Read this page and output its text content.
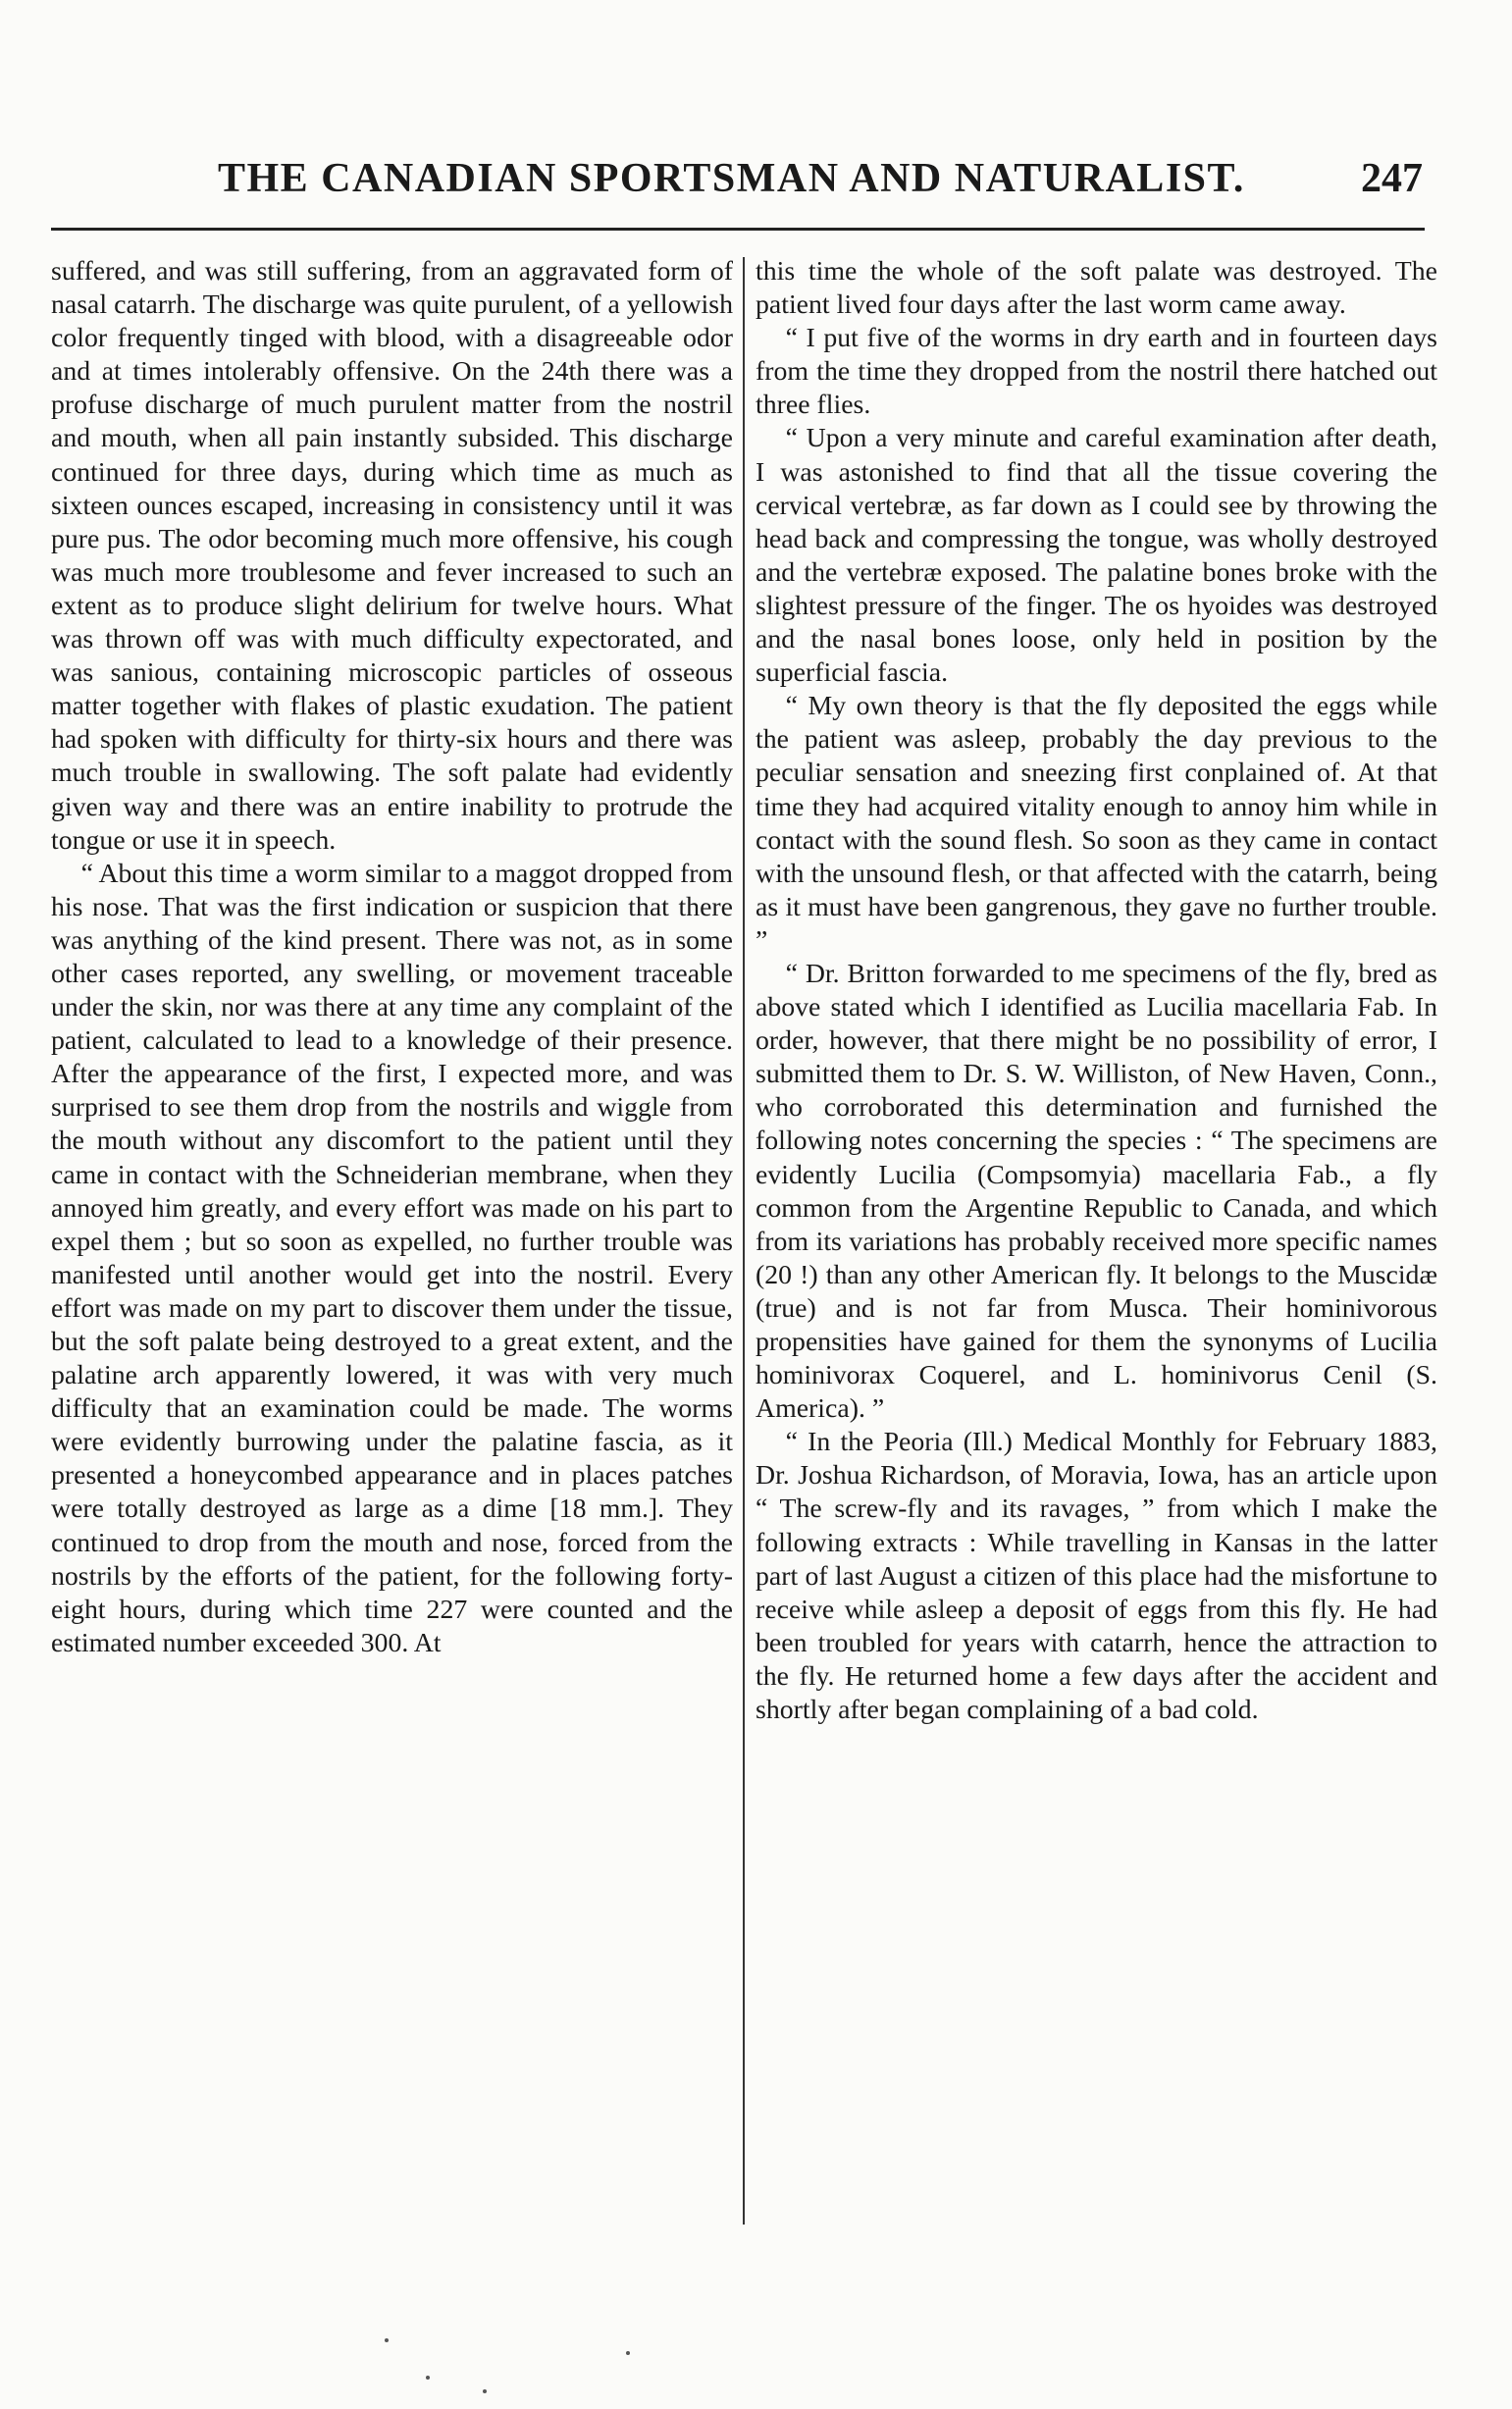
THE CANADIAN SPORTSMAN AND NATURALIST.	247

suffered, and was still suffering, from an aggravated form of nasal catarrh. The discharge was quite purulent, of a yellowish color frequently tinged with blood, with a disagreeable odor and at times intolerably offensive. On the 24th there was a profuse discharge of much purulent matter from the nostril and mouth, when all pain instantly subsided. This discharge continued for three days, during which time as much as sixteen ounces escaped, increasing in consistency until it was pure pus. The odor becoming much more offensive, his cough was much more troublesome and fever increased to such an extent as to produce slight delirium for twelve hours. What was thrown off was with much difficulty expectorated, and was sanious, containing microscopic particles of osseous matter together with flakes of plastic exudation. The patient had spoken with difficulty for thirty-six hours and there was much trouble in swallowing. The soft palate had evidently given way and there was an entire inability to protrude the tongue or use it in speech.

“ About this time a worm similar to a maggot dropped from his nose. That was the first indication or suspicion that there was anything of the kind present. There was not, as in some other cases reported, any swelling, or movement traceable under the skin, nor was there at any time any complaint of the patient, calculated to lead to a knowledge of their presence. After the appearance of the first, I expected more, and was surprised to see them drop from the nostrils and wiggle from the mouth without any discomfort to the patient until they came in contact with the Schneiderian membrane, when they annoyed him greatly, and every effort was made on his part to expel them ; but so soon as expelled, no further trouble was manifested until another would get into the nostril. Every effort was made on my part to discover them under the tissue, but the soft palate being destroyed to a great extent, and the palatine arch apparently lowered, it was with very much difficulty that an examination could be made. The worms were evidently burrowing under the palatine fascia, as it presented a honeycombed appearance and in places patches were totally destroyed as large as a dime [18 mm.]. They continued to drop from the mouth and nose, forced from the nostrils by the efforts of the patient, for the following forty-eight hours, during which time 227 were counted and the estimated number exceeded 300. At

this time the whole of the soft palate was destroyed. The patient lived four days after the last worm came away.

“ I put five of the worms in dry earth and in fourteen days from the time they dropped from the nostril there hatched out three flies.

“ Upon a very minute and careful examination after death, I was astonished to find that all the tissue covering the cervical vertebræ, as far down as I could see by throwing the head back and compressing the tongue, was wholly destroyed and the vertebræ exposed. The palatine bones broke with the slightest pressure of the finger. The os hyoides was destroyed and the nasal bones loose, only held in position by the superficial fascia.

“ My own theory is that the fly deposited the eggs while the patient was asleep, probably the day previous to the peculiar sensation and sneezing first conplained of. At that time they had acquired vitality enough to annoy him while in contact with the sound flesh. So soon as they came in contact with the unsound flesh, or that affected with the catarrh, being as it must have been gangrenous, they gave no further trouble. ”

“ Dr. Britton forwarded to me specimens of the fly, bred as above stated which I identified as Lucilia macellaria Fab. In order, however, that there might be no possibility of error, I submitted them to Dr. S. W. Williston, of New Haven, Conn., who corroborated this determination and furnished the following notes concerning the species : “ The specimens are evidently Lucilia (Compsomyia) macellaria Fab., a fly common from the Argentine Republic to Canada, and which from its variations has probably received more specific names (20 !) than any other American fly. It belongs to the Muscidæ (true) and is not far from Musca. Their hominivorous propensities have gained for them the synonyms of Lucilia hominivorax Coquerel, and L. hominivorus Cenil (S. America). ”

“ In the Peoria (Ill.) Medical Monthly for February 1883, Dr. Joshua Richardson, of Moravia, Iowa, has an article upon “ The screw-fly and its ravages, ” from which I make the following extracts : While travelling in Kansas in the latter part of last August a citizen of this place had the misfortune to receive while asleep a deposit of eggs from this fly. He had been troubled for years with catarrh, hence the attraction to the fly. He returned home a few days after the accident and shortly after began complaining of a bad cold.
